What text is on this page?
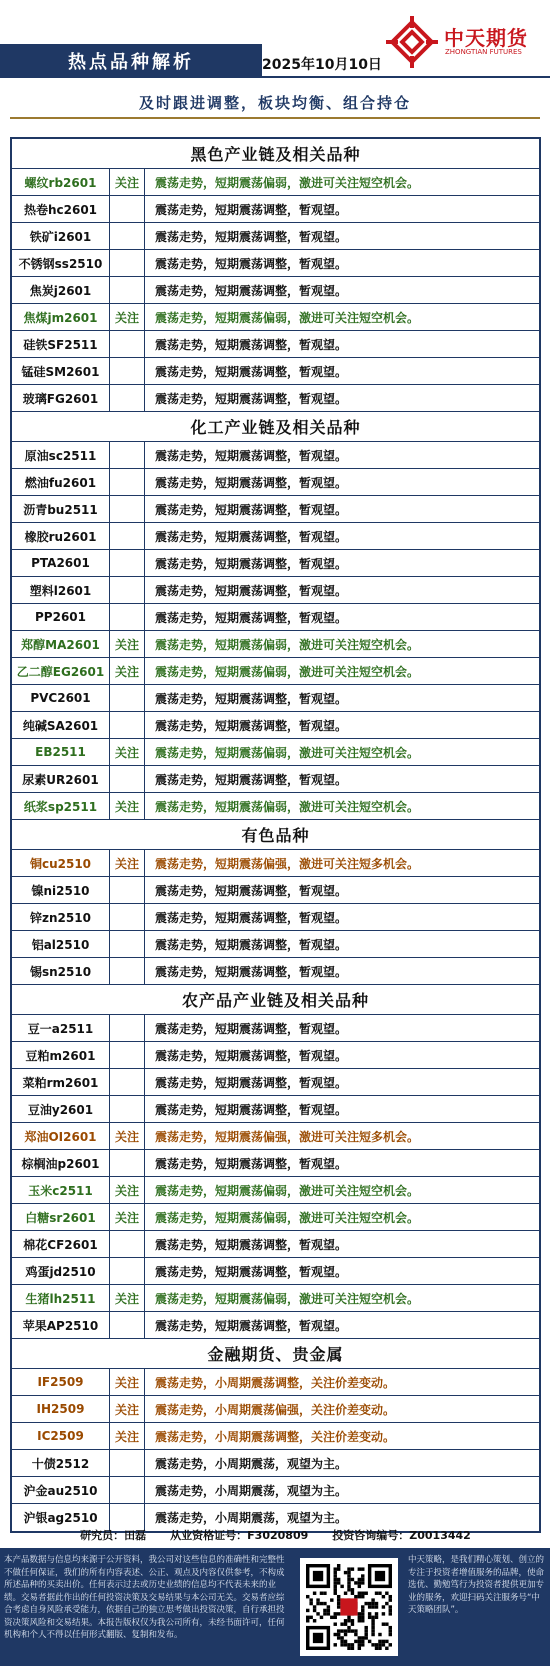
中天期货
ZHONGTIAN FUTURES
热点品种解析	2025年10月10日
及时跟进调整，板块均衡、组合持仓
黑色产业链及相关品种
螺纹rb2601	关注	震荡走势，短期震荡偏弱，激进可关注短空机会。
热卷hc2601	震荡走势，短期震荡调整，暂观望。
铁矿i2601	震荡走势，短期震荡调整，暂观望。
不锈钢ss2510	震荡走势，短期震荡调整，暂观望。
焦炭j2601	震荡走势，短期震荡调整，暂观望。
焦煤jm2601	关注	震荡走势，短期震荡偏弱，激进可关注短空机会。
硅铁SF2511	震荡走势，短期震荡调整，暂观望。
锰硅SM2601	震荡走势，短期震荡调整，暂观望。
玻璃FG2601	震荡走势，短期震荡调整，暂观望。
化工产业链及相关品种
原油sc2511	震荡走势，短期震荡调整，暂观望。
燃油fu2601	震荡走势，短期震荡调整，暂观望。
沥青bu2511	震荡走势，短期震荡调整，暂观望。
橡胶ru2601	震荡走势，短期震荡调整，暂观望。
PTA2601	震荡走势，短期震荡调整，暂观望。
塑料l2601	震荡走势，短期震荡调整，暂观望。
PP2601	震荡走势，短期震荡调整，暂观望。
郑醇MA2601	关注	震荡走势，短期震荡偏弱，激进可关注短空机会。
乙二醇EG2601 关注	震荡走势，短期震荡偏弱，激进可关注短空机会。
PVC2601	震荡走势，短期震荡调整，暂观望。
纯碱SA2601	震荡走势，短期震荡调整，暂观望。
EB2511	关注	震荡走势，短期震荡偏弱，激进可关注短空机会。
尿素UR2601	震荡走势，短期震荡调整，暂观望。
纸浆sp2511	关注	震荡走势，短期震荡偏弱，激进可关注短空机会。
有色品种
铜cu2510	关注	震荡走势，短期震荡偏强，激进可关注短多机会。
镍ni2510	震荡走势，短期震荡调整，暂观望。
锌zn2510	震荡走势，短期震荡调整，暂观望。
铝al2510	震荡走势，短期震荡调整，暂观望。
锡sn2510	震荡走势，短期震荡调整，暂观望。
农产品产业链及相关品种
豆一a2511	震荡走势，短期震荡调整，暂观望。
豆粕m2601	震荡走势，短期震荡调整，暂观望。
菜粕rm2601	震荡走势，短期震荡调整，暂观望。
豆油y2601	震荡走势，短期震荡调整，暂观望。
郑油OI2601	关注	震荡走势，短期震荡偏强，激进可关注短多机会。
棕榈油p2601	震荡走势，短期震荡调整，暂观望。
玉米c2511	关注	震荡走势，短期震荡偏弱，激进可关注短空机会。
白糖sr2601	关注	震荡走势，短期震荡偏弱，激进可关注短空机会。
棉花CF2601	震荡走势，短期震荡调整，暂观望。
鸡蛋jd2510	震荡走势，短期震荡调整，暂观望。
生猪lh2511	关注	震荡走势，短期震荡偏弱，激进可关注短空机会。
苹果AP2510	震荡走势，短期震荡调整，暂观望。
金融期货、贵金属
IF2509	关注	震荡走势，小周期震荡调整，关注价差变动。
IH2509	关注	震荡走势，小周期震荡偏强，关注价差变动。
IC2509	关注	震荡走势，小周期震荡调整，关注价差变动。
十债2512	震荡走势，小周期震荡，观望为主。
沪金au2510	震荡走势，小周期震荡，观望为主。
沪银ag2510	震荡走势，小周期震荡，观望为主。
研究员：田磊 从业资格证号：F3020809 投资咨询编号：Z0013442
本产品数据与信息均来源于公开资料，我公司对这些信息的准确性和完整性不做任何保证，我们的所有内容表述、公正、观点及内容仅供参考，不构成所述品种的买卖出价。任何表示过去或历史业绩的信息均不代表未来的业绩。交易者据此作出的任何投资决策及交易结果与本公司无关。交易者应综合考虑自身风险承受能力，依据自己的独立思考做出投资决策，自行承担投资决策风险和交易结果。本报告版权仅为我公司所有，未经书面许可，任何机构和个人不得以任何形式翻版、复制和发布。
中天策略，是我们精心策划、创立的专注于投资者增值服务的品牌，使命选优、勤勉笃行为投资者提供更加专业的服务，欢迎扫码关注服务号“中天策略团队”。
